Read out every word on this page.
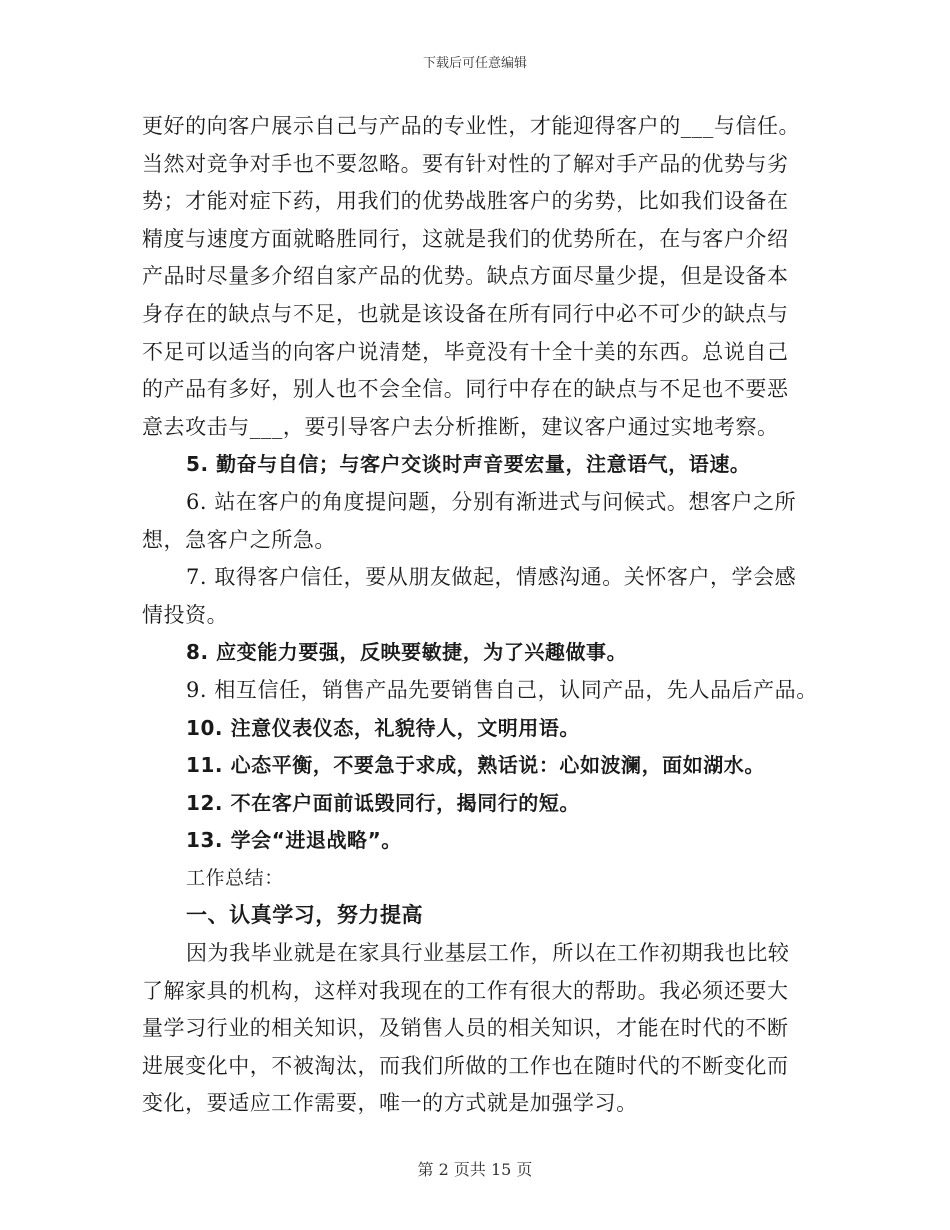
下载后可任意编辑
更好的向客户展示自己与产品的专业性，才能迎得客户的___与信任。
当然对竞争对手也不要忽略。要有针对性的了解对手产品的优势与劣
势；才能对症下药，用我们的优势战胜客户的劣势，比如我们设备在
精度与速度方面就略胜同行，这就是我们的优势所在，在与客户介绍
产品时尽量多介绍自家产品的优势。缺点方面尽量少提，但是设备本
身存在的缺点与不足，也就是该设备在所有同行中必不可少的缺点与
不足可以适当的向客户说清楚，毕竟没有十全十美的东西。总说自己
的产品有多好，别人也不会全信。同行中存在的缺点与不足也不要恶
意去攻击与___，要引导客户去分析推断，建议客户通过实地考察。
5. 勤奋与自信；与客户交谈时声音要宏量，注意语气，语速。
6. 站在客户的角度提问题，分别有渐进式与问候式。想客户之所
想，急客户之所急。
7. 取得客户信任，要从朋友做起，情感沟通。关怀客户，学会感
情投资。
8. 应变能力要强，反映要敏捷，为了兴趣做事。
9. 相互信任，销售产品先要销售自己，认同产品，先人品后产品。
10. 注意仪表仪态，礼貌待人，文明用语。
11. 心态平衡，不要急于求成，熟话说：心如波澜，面如湖水。
12. 不在客户面前诋毁同行，揭同行的短。
13. 学会“进退战略”。
工作总结：
一、认真学习，努力提高
因为我毕业就是在家具行业基层工作，所以在工作初期我也比较
了解家具的机构，这样对我现在的工作有很大的帮助。我必须还要大
量学习行业的相关知识，及销售人员的相关知识，才能在时代的不断
进展变化中，不被淘汰，而我们所做的工作也在随时代的不断变化而
变化，要适应工作需要，唯一的方式就是加强学习。
第 2 页共 15 页
